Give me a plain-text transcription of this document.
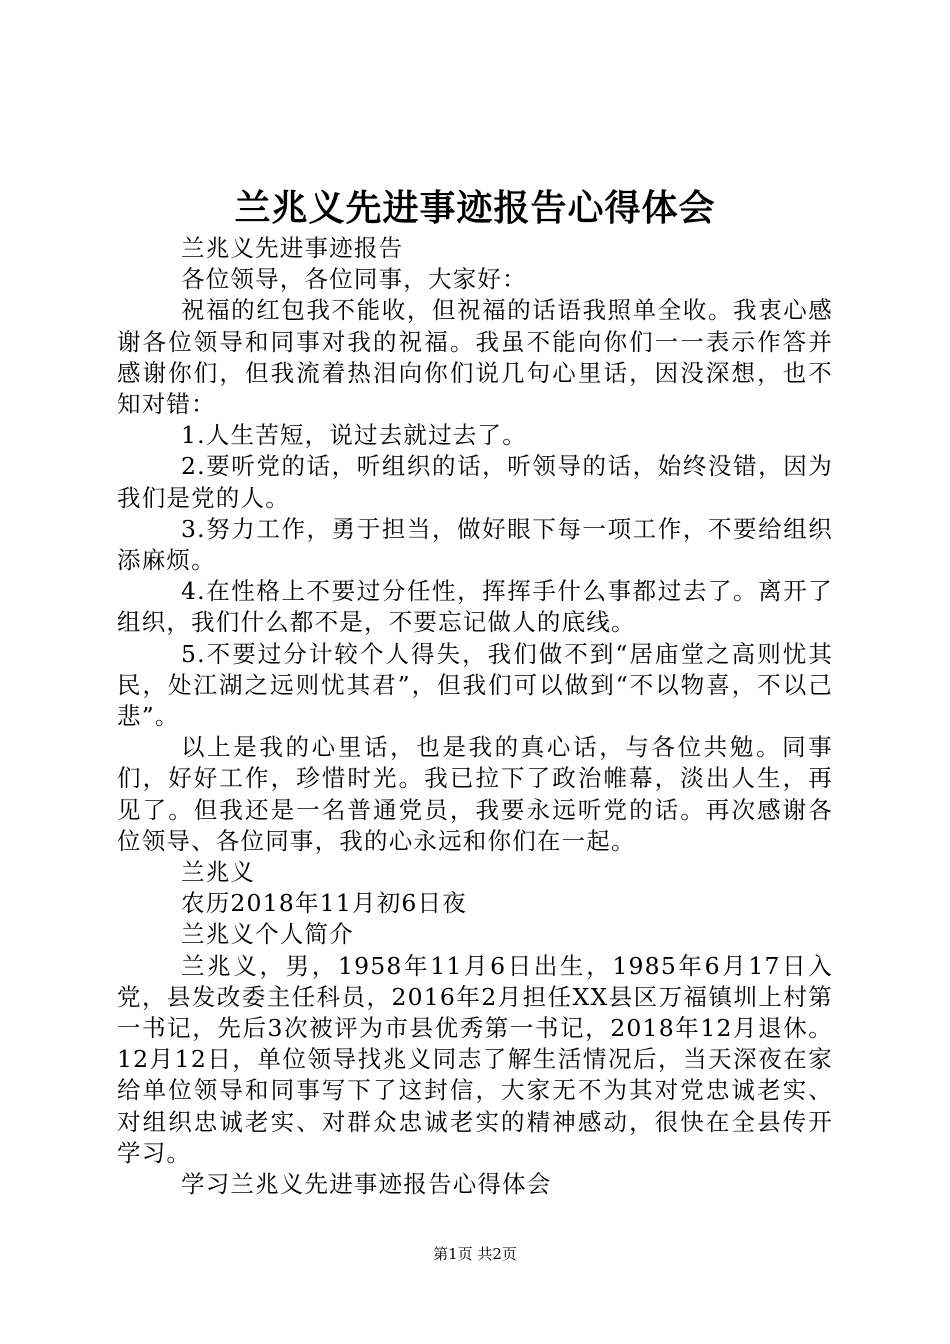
兰兆义先进事迹报告心得体会

兰兆义先进事迹报告

各位领导，各位同事，大家好：

祝福的红包我不能收，但祝福的话语我照单全收。我衷心感谢各位领导和同事对我的祝福。我虽不能向你们一一表示作答并感谢你们，但我流着热泪向你们说几句心里话，因没深想，也不知对错：

1.人生苦短，说过去就过去了。

2.要听党的话，听组织的话，听领导的话，始终没错，因为我们是党的人。

3.努力工作，勇于担当，做好眼下每一项工作，不要给组织添麻烦。

4.在性格上不要过分任性，挥挥手什么事都过去了。离开了组织，我们什么都不是，不要忘记做人的底线。

5.不要过分计较个人得失，我们做不到“居庙堂之高则忧其民，处江湖之远则忧其君”，但我们可以做到“不以物喜，不以己悲”。

以上是我的心里话，也是我的真心话，与各位共勉。同事们，好好工作，珍惜时光。我已拉下了政治帷幕，淡出人生，再见了。但我还是一名普通党员，我要永远听党的话。再次感谢各位领导、各位同事，我的心永远和你们在一起。

兰兆义

农历2018年11月初6日夜

兰兆义个人简介

兰兆义，男，1958年11月6日出生，1985年6月17日入党，县发改委主任科员，2016年2月担任XX县区万福镇圳上村第一书记，先后3次被评为市县优秀第一书记，2018年12月退休。12月12日，单位领导找兆义同志了解生活情况后，当天深夜在家给单位领导和同事写下了这封信，大家无不为其对党忠诚老实、对组织忠诚老实、对群众忠诚老实的精神感动，很快在全县传开学习。

学习兰兆义先进事迹报告心得体会

第1页 共2页
